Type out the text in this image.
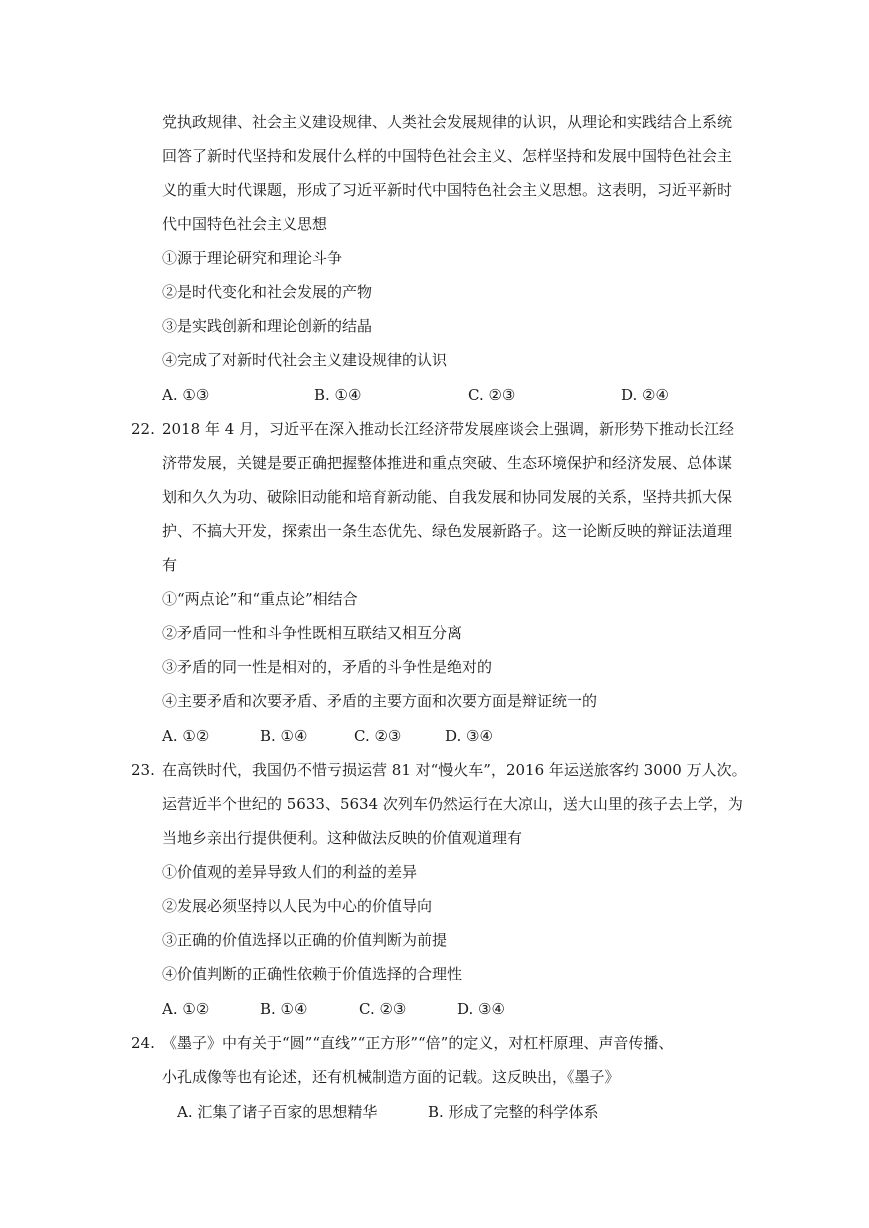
党执政规律、社会主义建设规律、人类社会发展规律的认识，从理论和实践结合上系统
回答了新时代坚持和发展什么样的中国特色社会主义、怎样坚持和发展中国特色社会主
义的重大时代课题，形成了习近平新时代中国特色社会主义思想。这表明，习近平新时
代中国特色社会主义思想
①源于理论研究和理论斗争
②是时代变化和社会发展的产物
③是实践创新和理论创新的结晶
④完成了对新时代社会主义建设规律的认识
A. ①③	B. ①④	C. ②③	D. ②④
22. 2018 年 4 月，习近平在深入推动长江经济带发展座谈会上强调，新形势下推动长江经
济带发展，关键是要正确把握整体推进和重点突破、生态环境保护和经济发展、总体谋
划和久久为功、破除旧动能和培育新动能、自我发展和协同发展的关系，坚持共抓大保
护、不搞大开发，探索出一条生态优先、绿色发展新路子。这一论断反映的辩证法道理
有
①“两点论”和“重点论”相结合
②矛盾同一性和斗争性既相互联结又相互分离
③矛盾的同一性是相对的，矛盾的斗争性是绝对的
④主要矛盾和次要矛盾、矛盾的主要方面和次要方面是辩证统一的
A. ①②	B. ①④	C. ②③	D. ③④
23. 在高铁时代，我国仍不惜亏损运营 81 对“慢火车”，2016 年运送旅客约 3000 万人次。
运营近半个世纪的 5633、5634 次列车仍然运行在大凉山，送大山里的孩子去上学，为
当地乡亲出行提供便利。这种做法反映的价值观道理有
①价值观的差异导致人们的利益的差异
②发展必须坚持以人民为中心的价值导向
③正确的价值选择以正确的价值判断为前提
④价值判断的正确性依赖于价值选择的合理性
A. ①②	B. ①④	C. ②③	D. ③④
24. 《墨子》中有关于“圆”“直线”“正方形”“倍”的定义，对杠杆原理、声音传播、
小孔成像等也有论述，还有机械制造方面的记载。这反映出，《墨子》
A. 汇集了诸子百家的思想精华	B. 形成了完整的科学体系
